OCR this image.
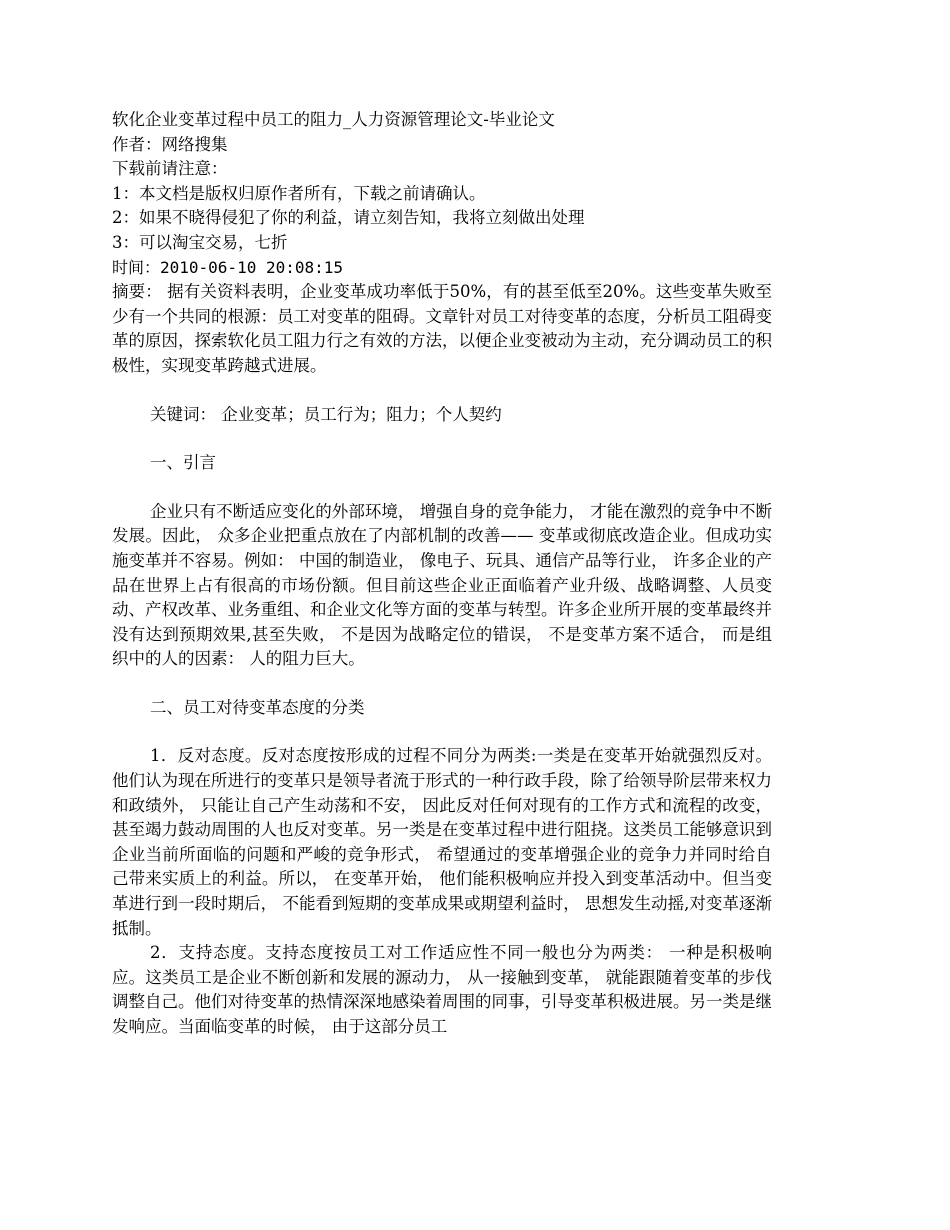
软化企业变革过程中员工的阻力_人力资源管理论文-毕业论文

作者：网络搜集

下载前请注意：

1：本文档是版权归原作者所有，下载之前请确认。

2：如果不晓得侵犯了你的利益，请立刻告知，我将立刻做出处理

3：可以淘宝交易，七折

时间：2010-06-10 20:08:15

摘要： 据有关资料表明，企业变革成功率低于50%，有的甚至低至20%。这些变革失败至少有一个共同的根源：员工对变革的阻碍。文章针对员工对待变革的态度，分析员工阻碍变革的原因，探索软化员工阻力行之有效的方法，以便企业变被动为主动，充分调动员工的积极性，实现变革跨越式进展。

关键词： 企业变革；员工行为；阻力；个人契约

一、引言

企业只有不断适应变化的外部环境， 增强自身的竞争能力， 才能在激烈的竞争中不断发展。因此， 众多企业把重点放在了内部机制的改善—— 变革或彻底改造企业。但成功实施变革并不容易。例如： 中国的制造业， 像电子、玩具、通信产品等行业， 许多企业的产品在世界上占有很高的市场份额。但目前这些企业正面临着产业升级、战略调整、人员变动、产权改革、业务重组、和企业文化等方面的变革与转型。许多企业所开展的变革最终并没有达到预期效果,甚至失败， 不是因为战略定位的错误， 不是变革方案不适合， 而是组织中的人的因素： 人的阻力巨大。

二、员工对待变革态度的分类

1．反对态度。反对态度按形成的过程不同分为两类:一类是在变革开始就强烈反对。他们认为现在所进行的变革只是领导者流于形式的一种行政手段，除了给领导阶层带来权力和政绩外， 只能让自己产生动荡和不安， 因此反对任何对现有的工作方式和流程的改变， 甚至竭力鼓动周围的人也反对变革。另一类是在变革过程中进行阻挠。这类员工能够意识到企业当前所面临的问题和严峻的竞争形式， 希望通过的变革增强企业的竞争力并同时给自己带来实质上的利益。所以， 在变革开始， 他们能积极响应并投入到变革活动中。但当变革进行到一段时期后， 不能看到短期的变革成果或期望利益时， 思想发生动摇,对变革逐渐抵制。

2．支持态度。支持态度按员工对工作适应性不同一般也分为两类： 一种是积极响应。这类员工是企业不断创新和发展的源动力， 从一接触到变革， 就能跟随着变革的步伐调整自己。他们对待变革的热情深深地感染着周围的同事，引导变革积极进展。另一类是继发响应。当面临变革的时候， 由于这部分员工
